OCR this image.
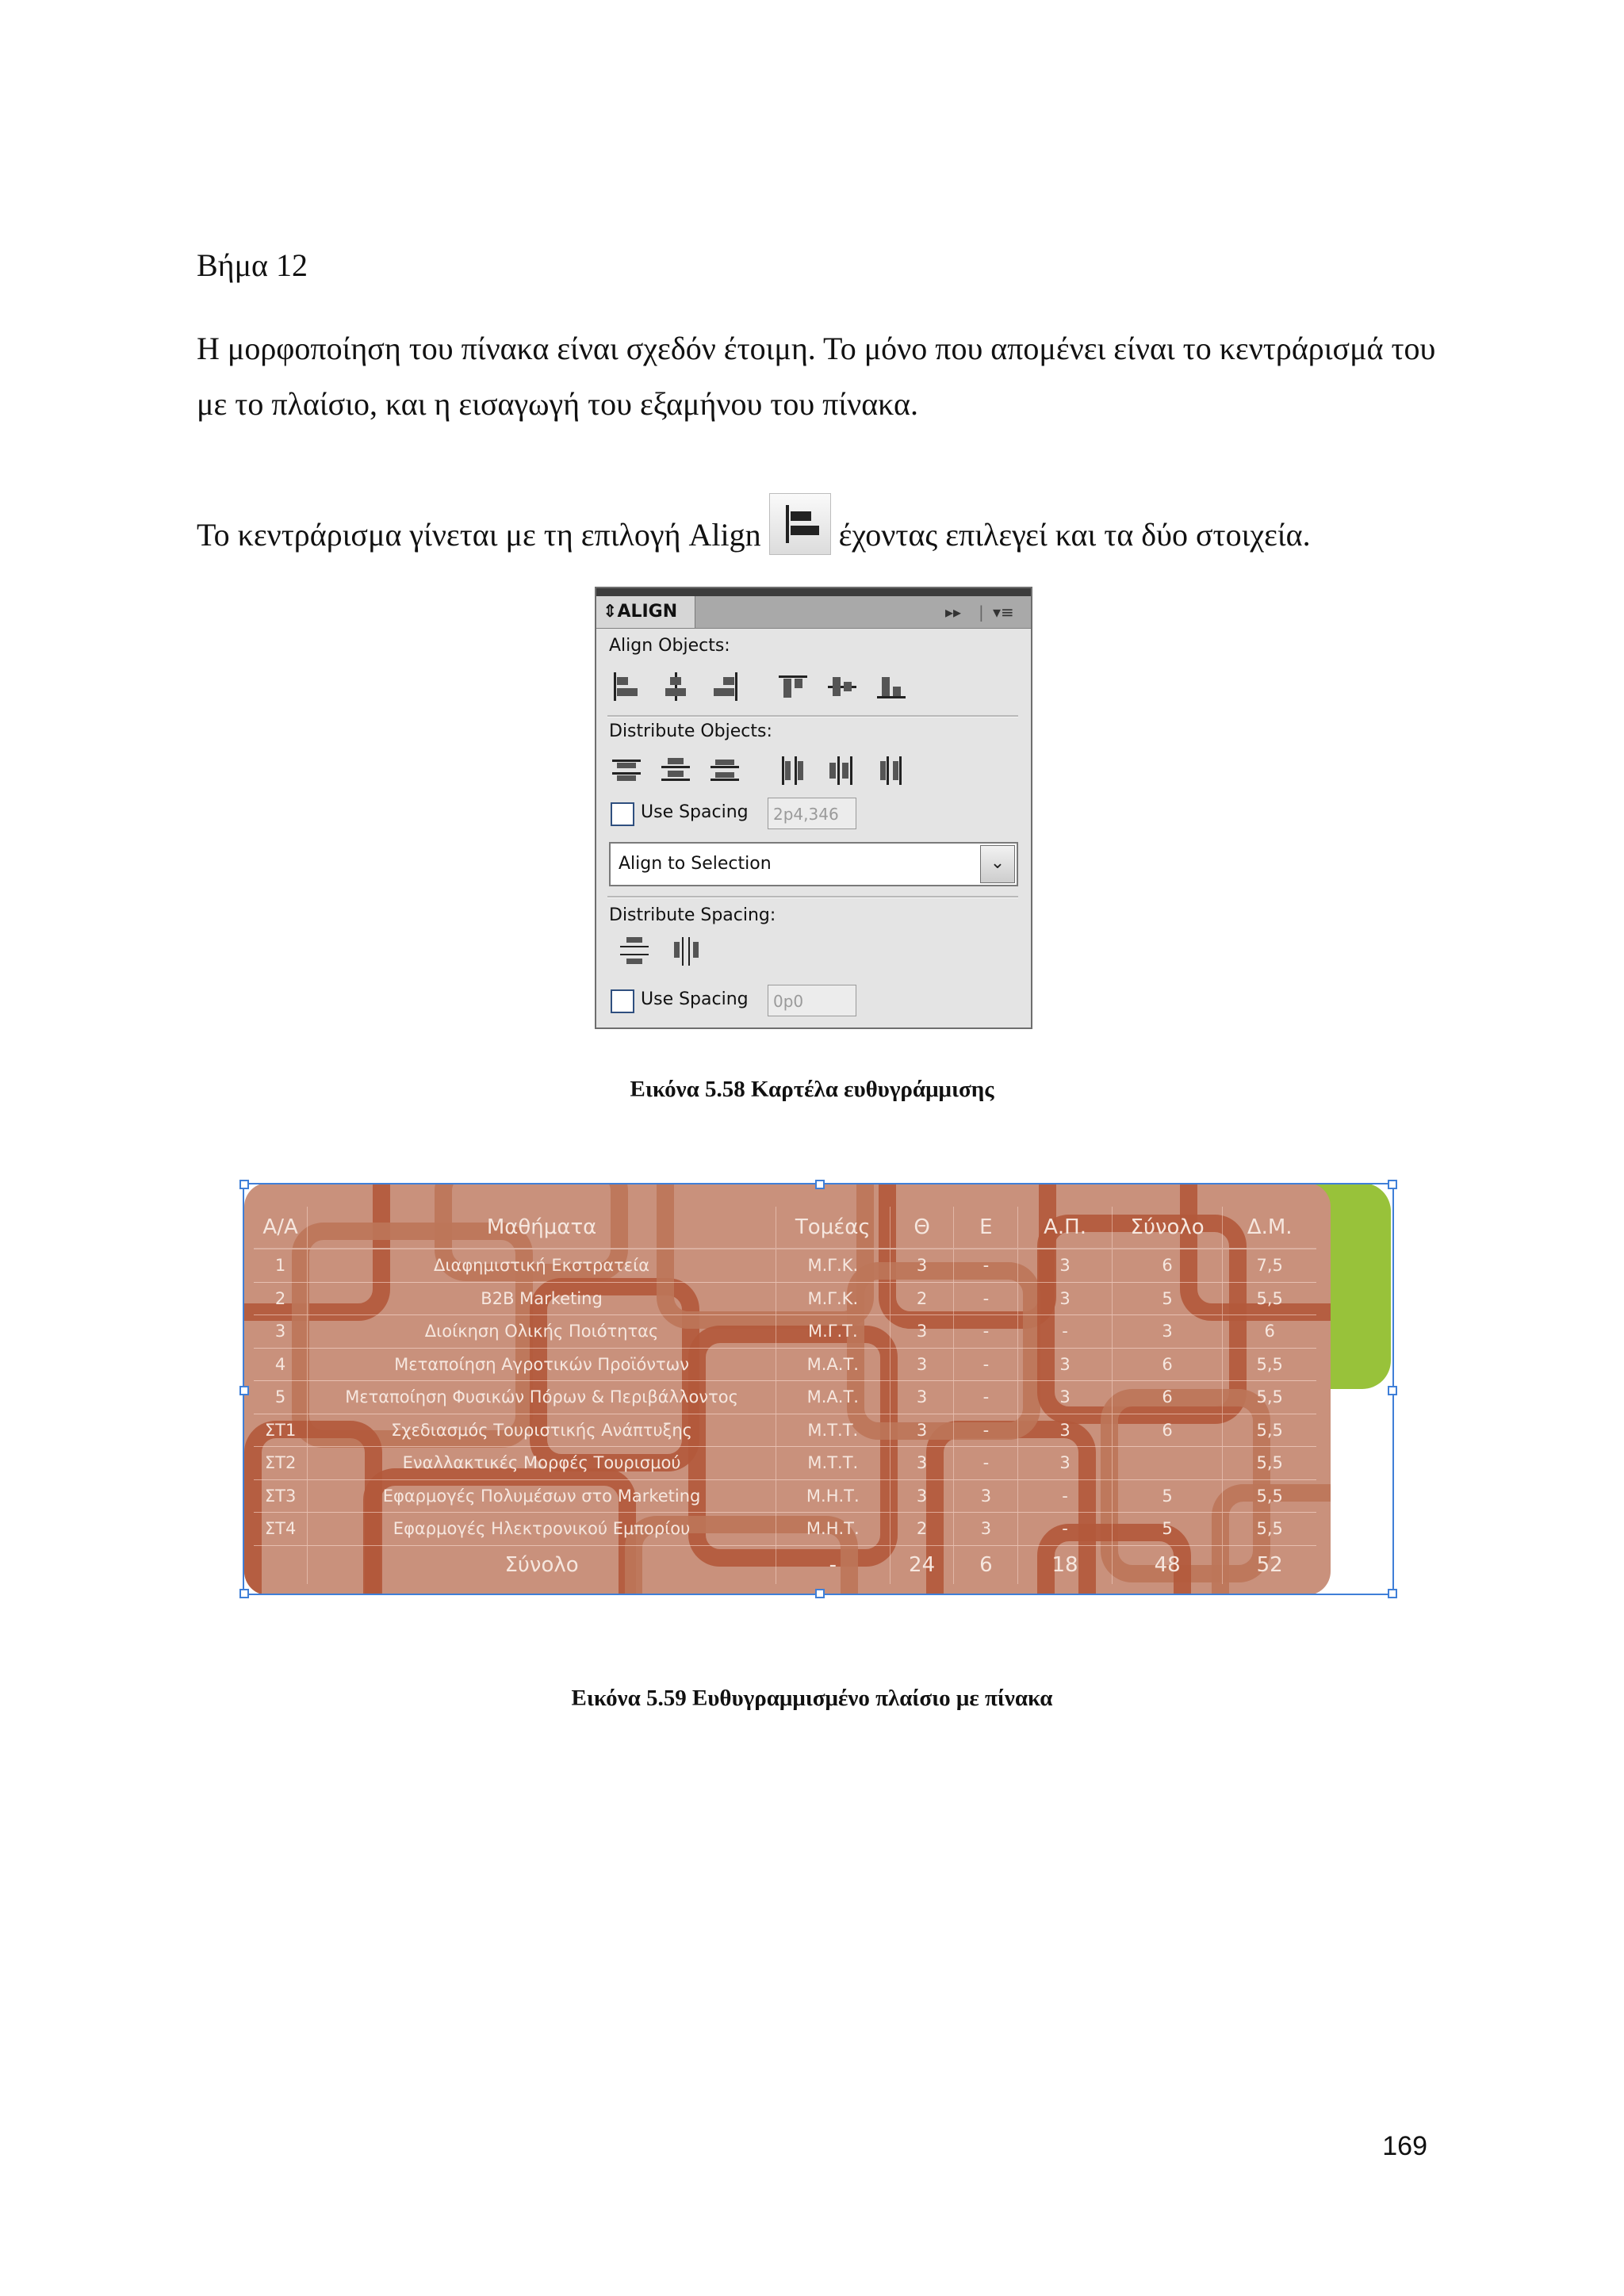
Βήμα 12
Η μορφοποίηση του πίνακα είναι σχεδόν έτοιμη. Το μόνο που απομένει είναι το κεντράρισμά του με το πλαίσιο, και η εισαγωγή του εξαμήνου του πίνακα.
Το κεντράρισμα γίνεται με τη επιλογή Align έχοντας επιλεγεί και τα δύο στοιχεία.
⇕ALIGN	▸▸ | ▾≡
Align Objects:
Distribute Objects:
Use Spacing	2p4,346
Align to Selection	⌄
Distribute Spacing:
Use Spacing	0p0
Εικόνα 5.58 Καρτέλα ευθυγράμμισης
Α/Α	Μαθήματα	Τομέας	Θ	Ε	Α.Π.	Σύνολο	Δ.Μ.
1	Διαφημιστική Εκστρατεία	Μ.Γ.Κ.	3	-	3	6	7,5
2	B2B Marketing	Μ.Γ.Κ.	2	-	3	5	5,5
3	Διοίκηση Ολικής Ποιότητας	Μ.Γ.Τ.	3	-	-	3	6
4	Μεταποίηση Αγροτικών Προϊόντων	Μ.Α.Τ.	3	-	3	6	5,5
5	Μεταποίηση Φυσικών Πόρων & Περιβάλλοντος	Μ.Α.Τ.	3	-	3	6	5,5
ΣΤ1	Σχεδιασμός Τουριστικής Ανάπτυξης	Μ.Τ.Τ.	3	-	3	6	5,5
ΣΤ2	Εναλλακτικές Μορφές Τουρισμού	Μ.Τ.Τ.	3	-	3		5,5
ΣΤ3	Εφαρμογές Πολυμέσων στο Marketing	Μ.Η.Τ.	3	3	-	5	5,5
ΣΤ4	Εφαρμογές Ηλεκτρονικού Εμπορίου	Μ.Η.Τ.	2	3	-	5	5,5
	Σύνολο	-	24	6	18	48	52
Εικόνα 5.59 Ευθυγραμμισμένο πλαίσιο με πίνακα
169
